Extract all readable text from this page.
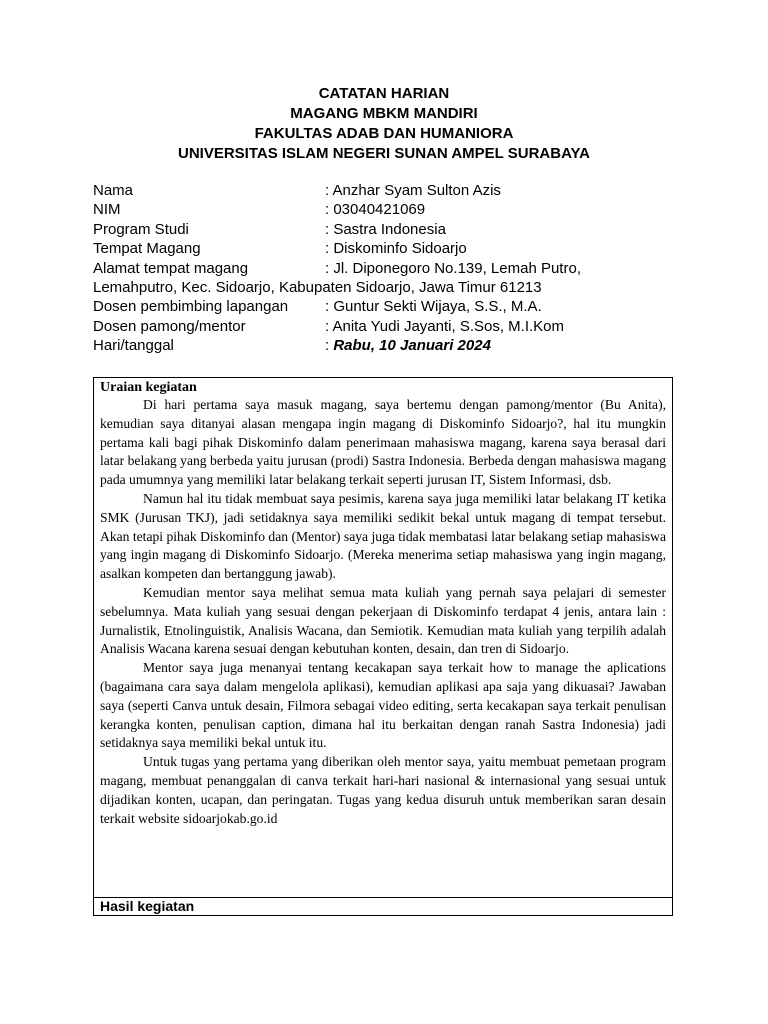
CATATAN HARIAN
MAGANG MBKM MANDIRI
FAKULTAS ADAB DAN HUMANIORA
UNIVERSITAS ISLAM NEGERI SUNAN AMPEL SURABAYA
Nama	: Anzhar Syam Sulton Azis
NIM	: 03040421069
Program Studi	: Sastra Indonesia
Tempat Magang	: Diskominfo Sidoarjo
Alamat tempat magang	: Jl. Diponegoro No.139, Lemah Putro,
Lemahputro, Kec. Sidoarjo, Kabupaten Sidoarjo, Jawa Timur 61213
Dosen pembimbing lapangan	: Guntur Sekti Wijaya, S.S., M.A.
Dosen pamong/mentor	: Anita Yudi Jayanti, S.Sos, M.I.Kom
Hari/tanggal	: Rabu, 10 Januari 2024
Uraian kegiatan

Di hari pertama saya masuk magang, saya bertemu dengan pamong/mentor (Bu Anita), kemudian saya ditanyai alasan mengapa ingin magang di Diskominfo Sidoarjo?, hal itu mungkin pertama kali bagi pihak Diskominfo dalam penerimaan mahasiswa magang, karena saya berasal dari latar belakang yang berbeda yaitu jurusan (prodi) Sastra Indonesia. Berbeda dengan mahasiswa magang pada umumnya yang memiliki latar belakang terkait seperti jurusan IT, Sistem Informasi, dsb.

Namun hal itu tidak membuat saya pesimis, karena saya juga memiliki latar belakang IT ketika SMK (Jurusan TKJ), jadi setidaknya saya memiliki sedikit bekal untuk magang di tempat tersebut. Akan tetapi pihak Diskominfo dan (Mentor) saya juga tidak membatasi latar belakang setiap mahasiswa yang ingin magang di Diskominfo Sidoarjo. (Mereka menerima setiap mahasiswa yang ingin magang, asalkan kompeten dan bertanggung jawab).

Kemudian mentor saya melihat semua mata kuliah yang pernah saya pelajari di semester sebelumnya. Mata kuliah yang sesuai dengan pekerjaan di Diskominfo terdapat 4 jenis, antara lain : Jurnalistik, Etnolinguistik, Analisis Wacana, dan Semiotik. Kemudian mata kuliah yang terpilih adalah Analisis Wacana karena sesuai dengan kebutuhan konten, desain, dan tren di Sidoarjo.

Mentor saya juga menanyai tentang kecakapan saya terkait how to manage the aplications (bagaimana cara saya dalam mengelola aplikasi), kemudian aplikasi apa saja yang dikuasai? Jawaban saya (seperti Canva untuk desain, Filmora sebagai video editing, serta kecakapan saya terkait penulisan kerangka konten, penulisan caption, dimana hal itu berkaitan dengan ranah Sastra Indonesia) jadi setidaknya saya memiliki bekal untuk itu.

Untuk tugas yang pertama yang diberikan oleh mentor saya, yaitu membuat pemetaan program magang, membuat penanggalan di canva terkait hari-hari nasional & internasional yang sesuai untuk dijadikan konten, ucapan, dan peringatan. Tugas yang kedua disuruh untuk memberikan saran desain terkait website sidoarjokab.go.id

Hasil kegiatan
